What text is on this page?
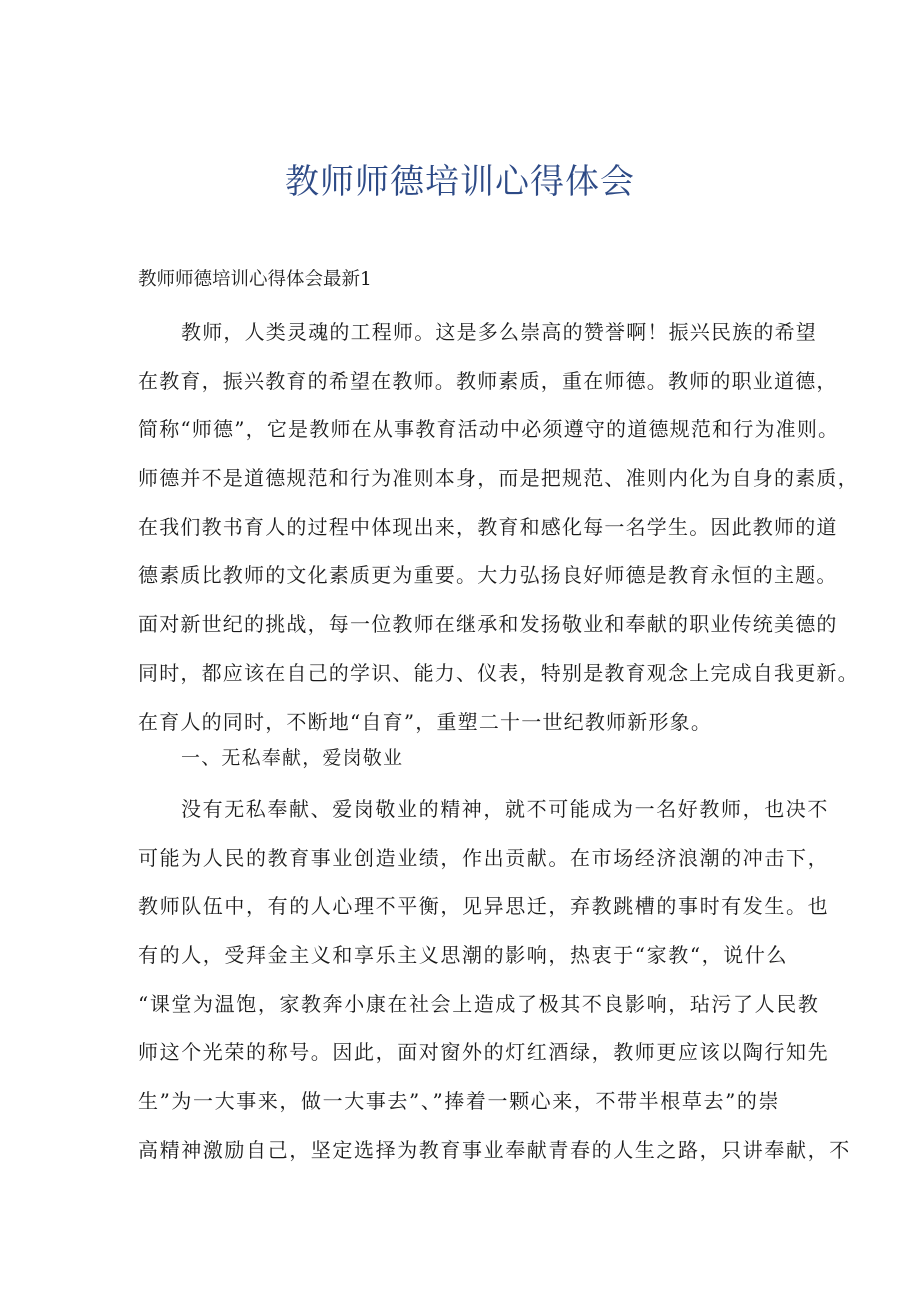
教师师德培训心得体会

教师师德培训心得体会最新1

教师，人类灵魂的工程师。这是多么崇高的赞誉啊！振兴民族的希望
在教育，振兴教育的希望在教师。教师素质，重在师德。教师的职业道德，
简称“师德”，它是教师在从事教育活动中必须遵守的道德规范和行为准则。
师德并不是道德规范和行为准则本身，而是把规范、准则内化为自身的素质，
在我们教书育人的过程中体现出来，教育和感化每一名学生。因此教师的道
德素质比教师的文化素质更为重要。大力弘扬良好师德是教育永恒的主题。
面对新世纪的挑战，每一位教师在继承和发扬敬业和奉献的职业传统美德的
同时，都应该在自己的学识、能力、仪表，特别是教育观念上完成自我更新。
在育人的同时，不断地“自育”，重塑二十一世纪教师新形象。

一、无私奉献，爱岗敬业

没有无私奉献、爱岗敬业的精神，就不可能成为一名好教师，也决不
可能为人民的教育事业创造业绩，作出贡献。在市场经济浪潮的冲击下，
教师队伍中，有的人心理不平衡，见异思迁，弃教跳槽的事时有发生。也
有的人，受拜金主义和享乐主义思潮的影响，热衷于“家教“，说什么
“课堂为温饱，家教奔小康在社会上造成了极其不良影响，玷污了人民教
师这个光荣的称号。因此，面对窗外的灯红酒绿，教师更应该以陶行知先
生”为一大事来，做一大事去”、”捧着一颗心来，不带半根草去”的崇
高精神激励自己，坚定选择为教育事业奉献青春的人生之路，只讲奉献，不
